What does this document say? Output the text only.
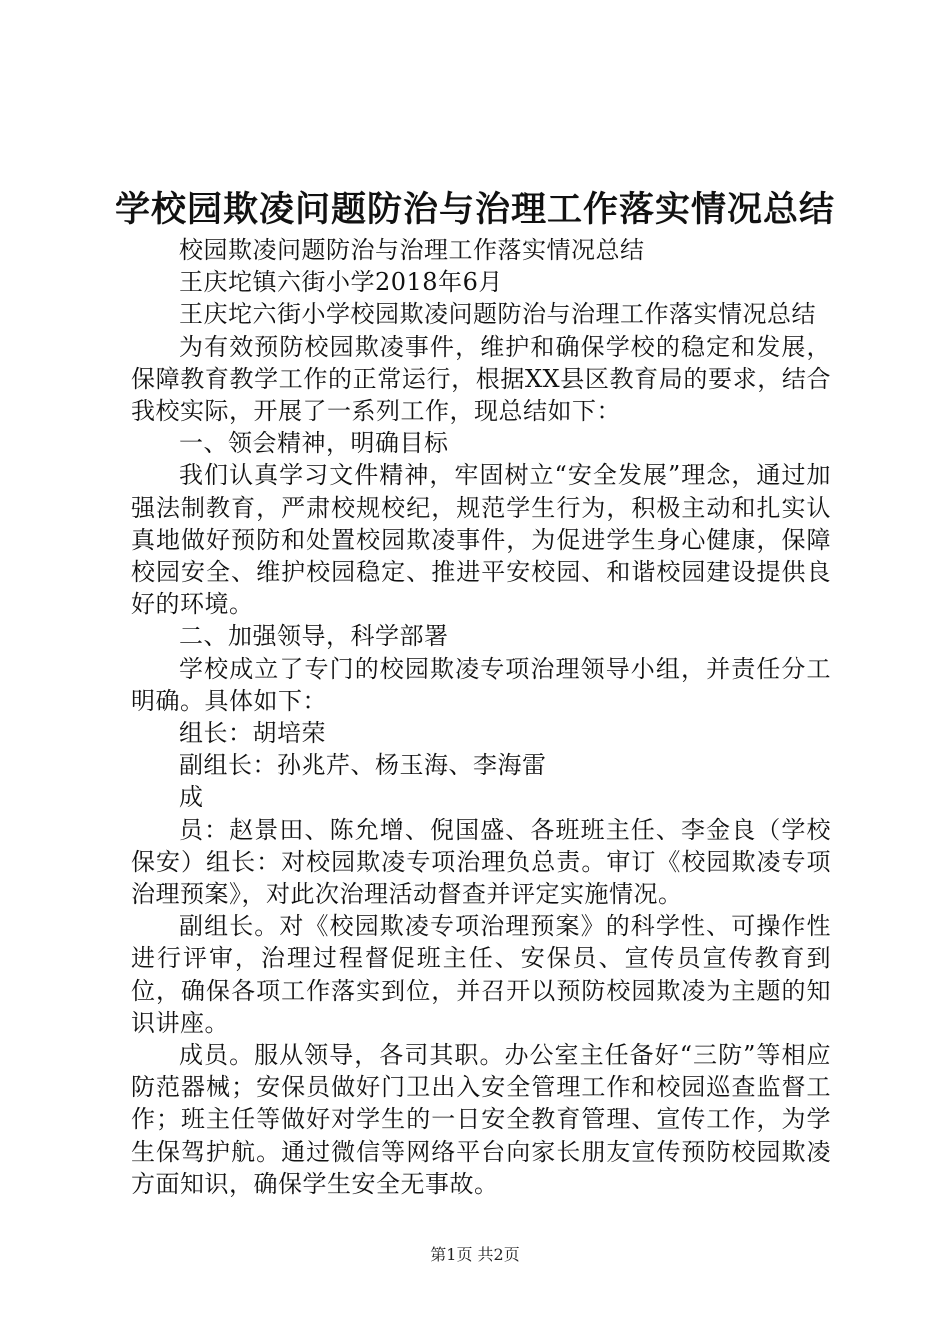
学校园欺凌问题防治与治理工作落实情况总结

校园欺凌问题防治与治理工作落实情况总结

王庆坨镇六街小学2018年6月

王庆坨六街小学校园欺凌问题防治与治理工作落实情况总结

为有效预防校园欺凌事件，维护和确保学校的稳定和发展，保障教育教学工作的正常运行，根据XX县区教育局的要求，结合我校实际，开展了一系列工作，现总结如下：

一、领会精神，明确目标

我们认真学习文件精神，牢固树立“安全发展”理念，通过加强法制教育，严肃校规校纪，规范学生行为，积极主动和扎实认真地做好预防和处置校园欺凌事件，为促进学生身心健康，保障校园安全、维护校园稳定、推进平安校园、和谐校园建设提供良好的环境。

二、加强领导，科学部署

学校成立了专门的校园欺凌专项治理领导小组，并责任分工明确。具体如下：

组长：胡培荣

副组长：孙兆芹、杨玉海、李海雷

成

员：赵景田、陈允增、倪国盛、各班班主任、李金良（学校保安）组长：对校园欺凌专项治理负总责。审订《校园欺凌专项治理预案》，对此次治理活动督查并评定实施情况。

副组长。对《校园欺凌专项治理预案》的科学性、可操作性进行评审，治理过程督促班主任、安保员、宣传员宣传教育到位，确保各项工作落实到位，并召开以预防校园欺凌为主题的知识讲座。

成员。服从领导，各司其职。办公室主任备好“三防”等相应防范器械；安保员做好门卫出入安全管理工作和校园巡查监督工作；班主任等做好对学生的一日安全教育管理、宣传工作，为学生保驾护航。通过微信等网络平台向家长朋友宣传预防校园欺凌方面知识，确保学生安全无事故。

第1页 共2页
